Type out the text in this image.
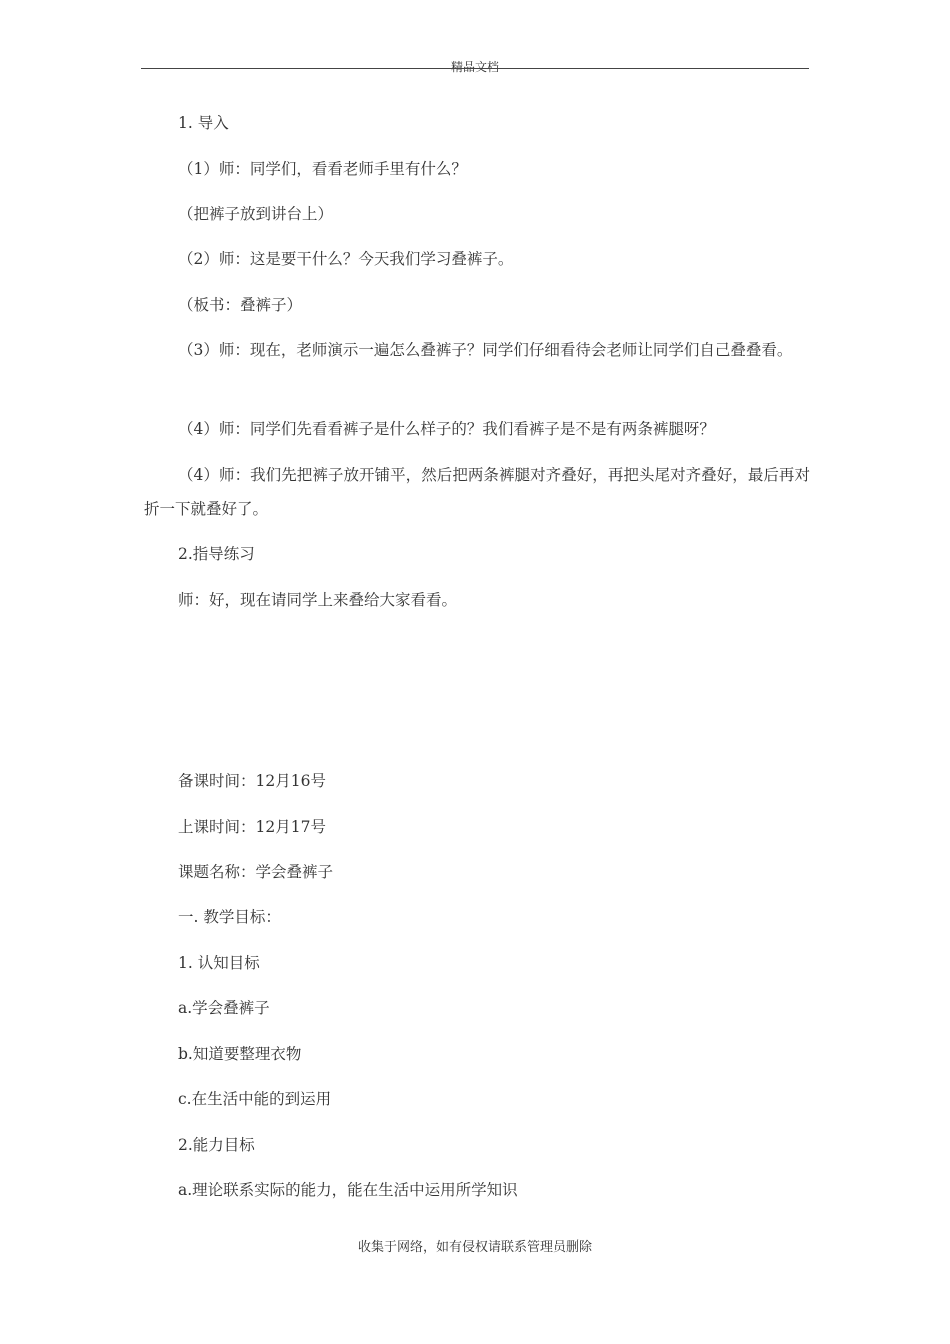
精品文档
1. 导入
（1）师：同学们，看看老师手里有什么？
（把裤子放到讲台上）
（2）师：这是要干什么？今天我们学习叠裤子。
（板书：叠裤子）
（3）师：现在，老师演示一遍怎么叠裤子？同学们仔细看待会老师让同学们自己叠叠看。
（4）师：同学们先看看裤子是什么样子的？我们看裤子是不是有两条裤腿呀？
（4）师：我们先把裤子放开铺平，然后把两条裤腿对齐叠好，再把头尾对齐叠好，最后再对折一下就叠好了。
2.指导练习
师：好，现在请同学上来叠给大家看看。
备课时间：12月16号
上课时间：12月17号
课题名称：学会叠裤子
一. 教学目标：
1. 认知目标
a.学会叠裤子
b.知道要整理衣物
c.在生活中能的到运用
2.能力目标
a.理论联系实际的能力，能在生活中运用所学知识
收集于网络，如有侵权请联系管理员删除
